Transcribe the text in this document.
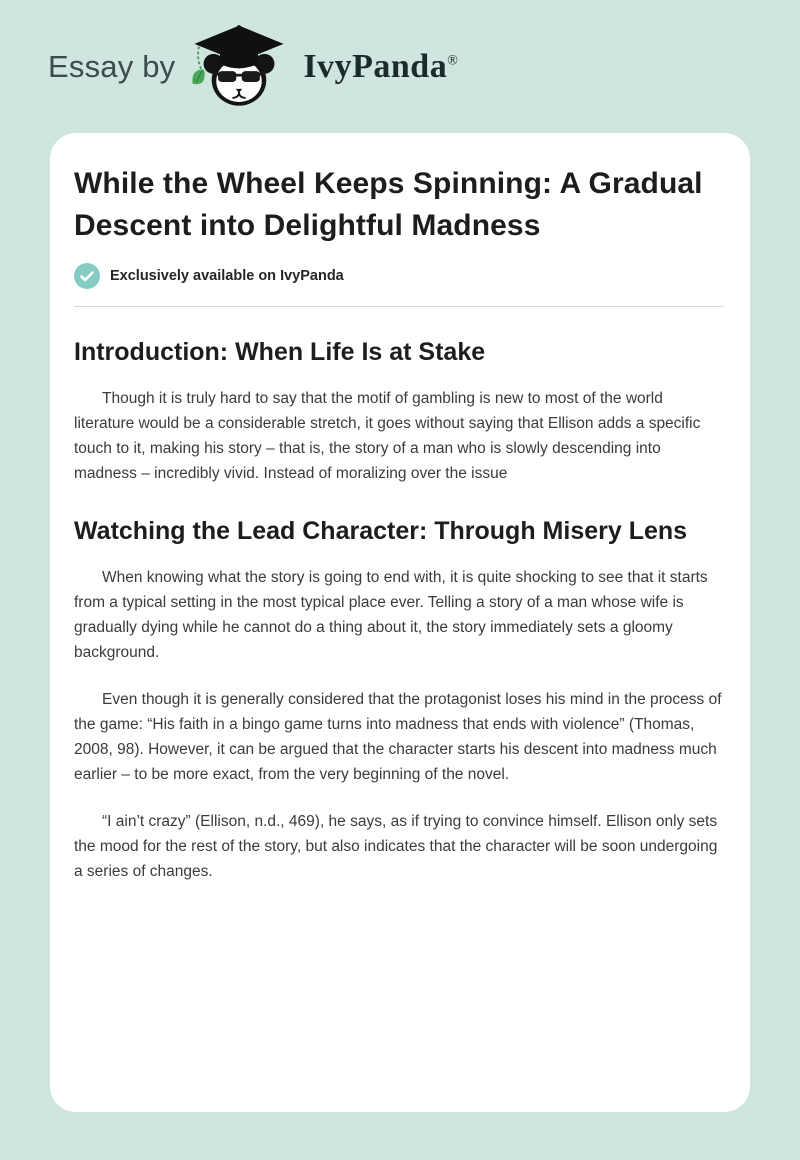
Essay by	IvyPanda®
While the Wheel Keeps Spinning: A Gradual Descent into Delightful Madness
Exclusively available on IvyPanda
Introduction: When Life Is at Stake

Though it is truly hard to say that the motif of gambling is new to most of the world literature would be a considerable stretch, it goes without saying that Ellison adds a specific touch to it, making his story – that is, the story of a man who is slowly descending into madness – incredibly vivid. Instead of moralizing over the issue

Watching the Lead Character: Through Misery Lens

When knowing what the story is going to end with, it is quite shocking to see that it starts from a typical setting in the most typical place ever. Telling a story of a man whose wife is gradually dying while he cannot do a thing about it, the story immediately sets a gloomy background.

Even though it is generally considered that the protagonist loses his mind in the process of the game: “His faith in a bingo game turns into madness that ends with violence” (Thomas, 2008, 98). However, it can be argued that the character starts his descent into madness much earlier – to be more exact, from the very beginning of the novel.

“I ain’t crazy” (Ellison, n.d., 469), he says, as if trying to convince himself. Ellison only sets the mood for the rest of the story, but also indicates that the character will be soon undergoing a series of changes.
